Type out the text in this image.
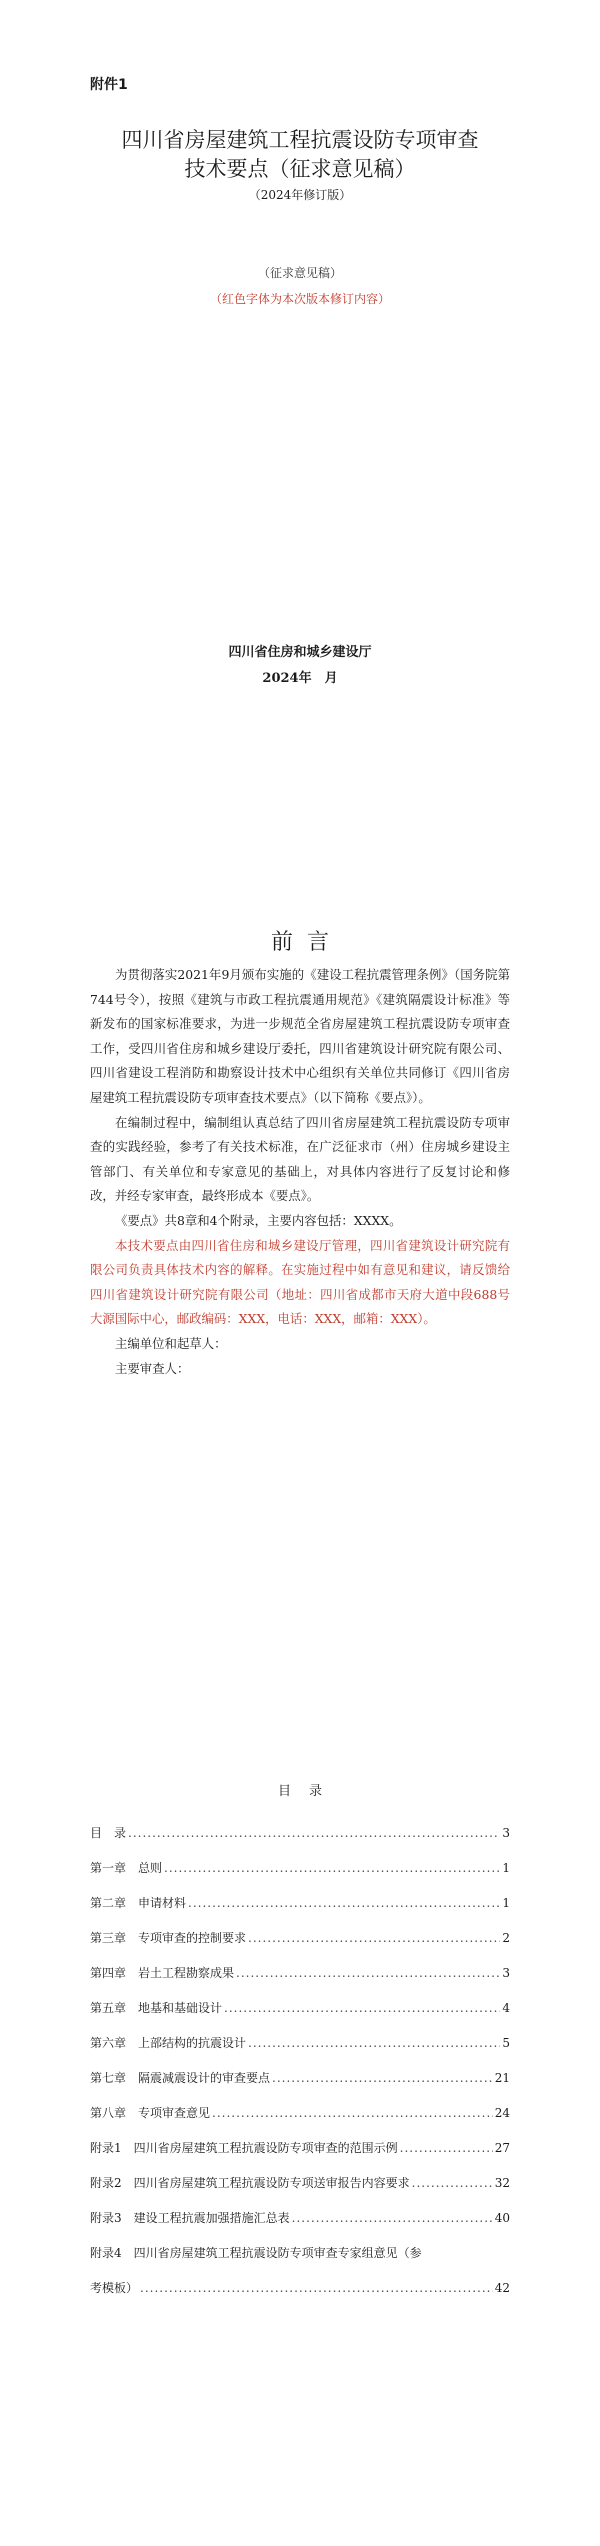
附件1
四川省房屋建筑工程抗震设防专项审查
技术要点（征求意见稿）
（2024年修订版）
（征求意见稿）
（红色字体为本次版本修订内容）
四川省住房和城乡建设厅
2024年　月
前言

为贯彻落实2021年9月颁布实施的《建设工程抗震管理条例》（国务院第744号令），按照《建筑与市政工程抗震通用规范》《建筑隔震设计标准》等新发布的国家标准要求，为进一步规范全省房屋建筑工程抗震设防专项审查工作，受四川省住房和城乡建设厅委托，四川省建筑设计研究院有限公司、四川省建设工程消防和勘察设计技术中心组织有关单位共同修订《四川省房屋建筑工程抗震设防专项审查技术要点》（以下简称《要点》）。

在编制过程中，编制组认真总结了四川省房屋建筑工程抗震设防专项审查的实践经验，参考了有关技术标准，在广泛征求市（州）住房城乡建设主管部门、有关单位和专家意见的基础上，对具体内容进行了反复讨论和修改，并经专家审查，最终形成本《要点》。

《要点》共8章和4个附录，主要内容包括：XXXX。

本技术要点由四川省住房和城乡建设厅管理，四川省建筑设计研究院有限公司负责具体技术内容的解释。在实施过程中如有意见和建议，请反馈给四川省建筑设计研究院有限公司（地址：四川省成都市天府大道中段688号大源国际中心，邮政编码：XXX，电话：XXX，邮箱：XXX）。

主编单位和起草人：

主要审查人：

目录
目　录 .....	3
第一章　总则 .....	1
第二章　申请材料 .....	1
第三章　专项审查的控制要求 .....	2
第四章　岩土工程勘察成果 .....	3
第五章　地基和基础设计 .....	4
第六章　上部结构的抗震设计 .....	5
第七章　隔震减震设计的审查要点 .....	21
第八章　专项审查意见 .....	24
附录1　四川省房屋建筑工程抗震设防专项审查的范围示例 .....	27
附录2　四川省房屋建筑工程抗震设防专项送审报告内容要求 .....	32
附录3　建设工程抗震加强措施汇总表 .....	40
附录4　四川省房屋建筑工程抗震设防专项审查专家组意见（参
考模板） .....	42
